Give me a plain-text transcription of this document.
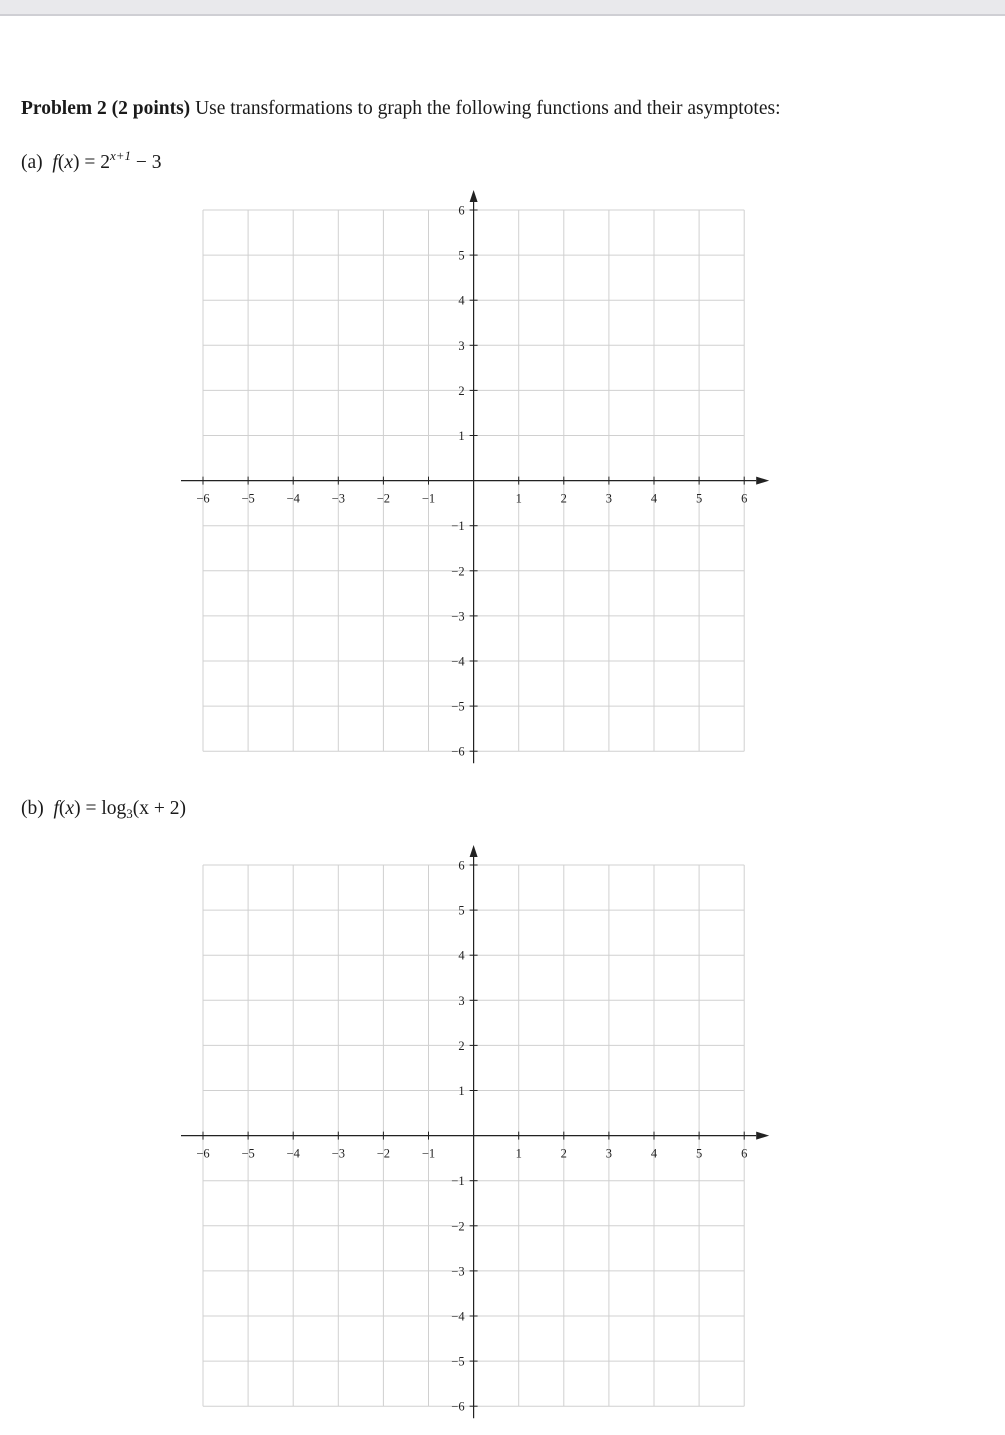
Problem 2 (2 points) Use transformations to graph the following functions and their asymptotes:
(a) $f(x) = 2^{x+1} - 3$
−6	−5	−4	−3	−2	−1	1	2	3	4	5	6
6
5
4
3
2
1
−1
−2
−3
−4
−5
−6
(b) $f(x) = \log_3(x + 2)$
−6	−5	−4	−3	−2	−1	1	2	3	4	5	6
6
5
4
3
2
1
−1
−2
−3
−4
−5
−6
